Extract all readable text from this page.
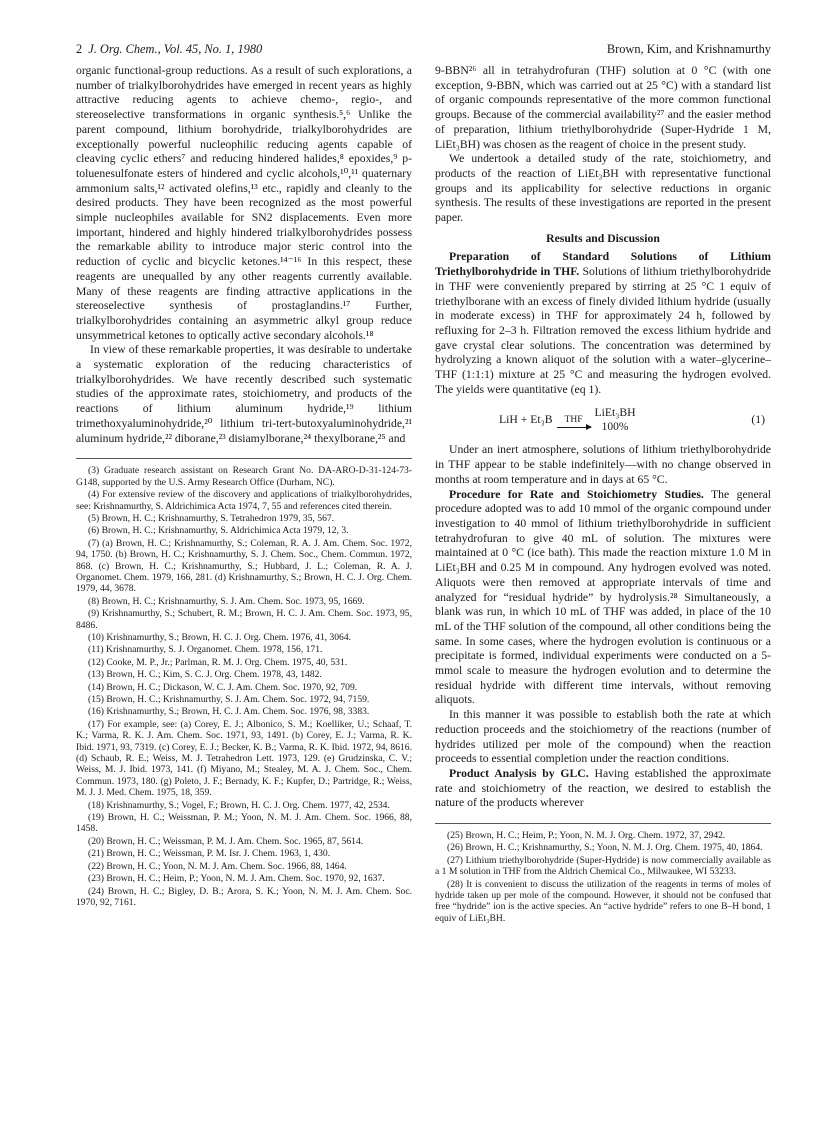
2 J. Org. Chem., Vol. 45, No. 1, 1980	Brown, Kim, and Krishnamurthy

organic functional-group reductions. As a result of such explorations, a number of trialkylborohydrides have emerged in recent years as highly attractive reducing agents to achieve chemo-, regio-, and stereoselective transformations in organic synthesis.⁵,⁶ Unlike the parent compound, lithium borohydride, trialkylborohydrides are exceptionally powerful nucleophilic reducing agents capable of cleaving cyclic ethers⁷ and reducing hindered halides,⁸ epoxides,⁹ p-toluenesulfonate esters of hindered and cyclic alcohols,¹⁰,¹¹ quaternary ammonium salts,¹² activated olefins,¹³ etc., rapidly and cleanly to the desired products. They have been recognized as the most powerful simple nucleophiles available for SN2 displacements. Even more important, hindered and highly hindered trialkylborohydrides possess the remarkable ability to introduce major steric control into the reduction of cyclic and bicyclic ketones.¹⁴⁻¹⁶ In this respect, these reagents are unequalled by any other reagents currently available. Many of these reagents are finding attractive applications in the stereoselective synthesis of prostaglandins.¹⁷ Further, trialkylborohydrides containing an asymmetric alkyl group reduce unsymmetrical ketones to optically active secondary alcohols.¹⁸

In view of these remarkable properties, it was desirable to undertake a systematic exploration of the reducing characteristics of trialkylborohydrides. We have recently described such systematic studies of the approximate rates, stoichiometry, and products of the reactions of lithium aluminum hydride,¹⁹ lithium trimethoxyaluminohydride,²⁰ lithium tri-tert-butoxyaluminohydride,²¹ aluminum hydride,²² diborane,²³ disiamylborane,²⁴ thexylborane,²⁵ and

(3) Graduate research assistant on Research Grant No. DA-ARO-D-31-124-73-G148, supported by the U.S. Army Research Office (Durham, NC).

(4) For extensive review of the discovery and applications of trialkylborohydrides, see: Krishnamurthy, S. Aldrichimica Acta 1974, 7, 55 and references cited therein.

(5) Brown, H. C.; Krishnamurthy, S. Tetrahedron 1979, 35, 567.

(6) Brown, H. C.; Krishnamurthy, S. Aldrichimica Acta 1979, 12, 3.

(7) (a) Brown, H. C.; Krishnamurthy, S.; Coleman, R. A. J. Am. Chem. Soc. 1972, 94, 1750. (b) Brown, H. C.; Krishnamurthy, S. J. Chem. Soc., Chem. Commun. 1972, 868. (c) Brown, H. C.; Krishnamurthy, S.; Hubbard, J. L.; Coleman, R. A. J. Organomet. Chem. 1979, 166, 281. (d) Krishnamurthy, S.; Brown, H. C. J. Org. Chem. 1979, 44, 3678.

(8) Brown, H. C.; Krishnamurthy, S. J. Am. Chem. Soc. 1973, 95, 1669.

(9) Krishnamurthy, S.; Schubert, R. M.; Brown, H. C. J. Am. Chem. Soc. 1973, 95, 8486.

(10) Krishnamurthy, S.; Brown, H. C. J. Org. Chem. 1976, 41, 3064.

(11) Krishnamurthy, S. J. Organomet. Chem. 1978, 156, 171.

(12) Cooke, M. P., Jr.; Parlman, R. M. J. Org. Chem. 1975, 40, 531.

(13) Brown, H. C.; Kim, S. C. J. Org. Chem. 1978, 43, 1482.

(14) Brown, H. C.; Dickason, W. C. J. Am. Chem. Soc. 1970, 92, 709.

(15) Brown, H. C.; Krishnamurthy, S. J. Am. Chem. Soc. 1972, 94, 7159.

(16) Krishnamurthy, S.; Brown, H. C. J. Am. Chem. Soc. 1976, 98, 3383.

(17) For example, see: (a) Corey, E. J.; Albonico, S. M.; Koelliker, U.; Schaaf, T. K.; Varma, R. K. J. Am. Chem. Soc. 1971, 93, 1491. (b) Corey, E. J.; Varma, R. K. Ibid. 1971, 93, 7319. (c) Corey, E. J.; Becker, K. B.; Varma, R. K. Ibid. 1972, 94, 8616. (d) Schaub, R. E.; Weiss, M. J. Tetrahedron Lett. 1973, 129. (e) Grudzinska, C. V.; Weiss, M. J. Ibid. 1973, 141. (f) Miyano, M.; Stealey, M. A. J. Chem. Soc., Chem. Commun. 1973, 180. (g) Poleto, J. F.; Bernady, K. F.; Kupfer, D.; Partridge, R.; Weiss, M. J. J. Med. Chem. 1975, 18, 359.

(18) Krishnamurthy, S.; Vogel, F.; Brown, H. C. J. Org. Chem. 1977, 42, 2534.

(19) Brown, H. C.; Weissman, P. M.; Yoon, N. M. J. Am. Chem. Soc. 1966, 88, 1458.

(20) Brown, H. C.; Weissman, P. M. J. Am. Chem. Soc. 1965, 87, 5614.

(21) Brown, H. C.; Weissman, P. M. Isr. J. Chem. 1963, 1, 430.

(22) Brown, H. C.; Yoon, N. M. J. Am. Chem. Soc. 1966, 88, 1464.

(23) Brown, H. C.; Heim, P.; Yoon, N. M. J. Am. Chem. Soc. 1970, 92, 1637.

(24) Brown, H. C.; Bigley, D. B.; Arora, S. K.; Yoon, N. M. J. Am. Chem. Soc. 1970, 92, 7161.

9-BBN²⁶ all in tetrahydrofuran (THF) solution at 0 °C (with one exception, 9-BBN, which was carried out at 25 °C) with a standard list of organic compounds representative of the more common functional groups. Because of the commercial availability²⁷ and the easier method of preparation, lithium triethylborohydride (Super-Hydride 1 M, LiEt₃BH) was chosen as the reagent of choice in the present study.

We undertook a detailed study of the rate, stoichiometry, and products of the reaction of LiEt₃BH with representative functional groups and its applicability for selective reductions in organic synthesis. The results of these investigations are reported in the present paper.

Results and Discussion

Preparation of Standard Solutions of Lithium Triethylborohydride in THF. Solutions of lithium triethylborohydride in THF were conveniently prepared by stirring at 25 °C 1 equiv of triethylborane with an excess of finely divided lithium hydride (usually in moderate excess) in THF for approximately 24 h, followed by refluxing for 2–3 h. Filtration removed the excess lithium hydride and gave crystal clear solutions. The concentration was determined by hydrolyzing a known aliquot of the solution with a water–glycerine–THF (1:1:1) mixture at 25 °C and measuring the hydrogen evolved. The yields were quantitative (eq 1).

LiH + Et₃B THF
LiEt₃BH
100%
(1)

Under an inert atmosphere, solutions of lithium triethylborohydride in THF appear to be stable indefinitely—with no change observed in months at room temperature and in days at 65 °C.

Procedure for Rate and Stoichiometry Studies. The general procedure adopted was to add 10 mmol of the organic compound under investigation to 40 mmol of lithium triethylborohydride in sufficient tetrahydrofuran to give 40 mL of solution. The mixtures were maintained at 0 °C (ice bath). This made the reaction mixture 1.0 M in LiEt₃BH and 0.25 M in compound. Any hydrogen evolved was noted. Aliquots were then removed at appropriate intervals of time and analyzed for “residual hydride” by hydrolysis.²⁸ Simultaneously, a blank was run, in which 10 mL of THF was added, in place of the 10 mL of the THF solution of the compound, all other conditions being the same. In some cases, where the hydrogen evolution is continuous or a precipitate is formed, individual experiments were conducted on a 5-mmol scale to measure the hydrogen evolution and to determine the residual hydride with different time intervals, without removing aliquots.

In this manner it was possible to establish both the rate at which reduction proceeds and the stoichiometry of the reactions (number of hydrides utilized per mole of the compound) when the reaction proceeds to essential completion under the reaction conditions.

Product Analysis by GLC. Having established the approximate rate and stoichiometry of the reaction, we desired to establish the nature of the products wherever

(25) Brown, H. C.; Heim, P.; Yoon, N. M. J. Org. Chem. 1972, 37, 2942.

(26) Brown, H. C.; Krishnamurthy, S.; Yoon, N. M. J. Org. Chem. 1975, 40, 1864.

(27) Lithium triethylborohydride (Super-Hydride) is now commercially available as a 1 M solution in THF from the Aldrich Chemical Co., Milwaukee, WI 53233.

(28) It is convenient to discuss the utilization of the reagents in terms of moles of hydride taken up per mole of the compound. However, it should not be confused that free “hydride” ion is the active species. An “active hydride” refers to one B–H bond, 1 equiv of LiEt₃BH.
